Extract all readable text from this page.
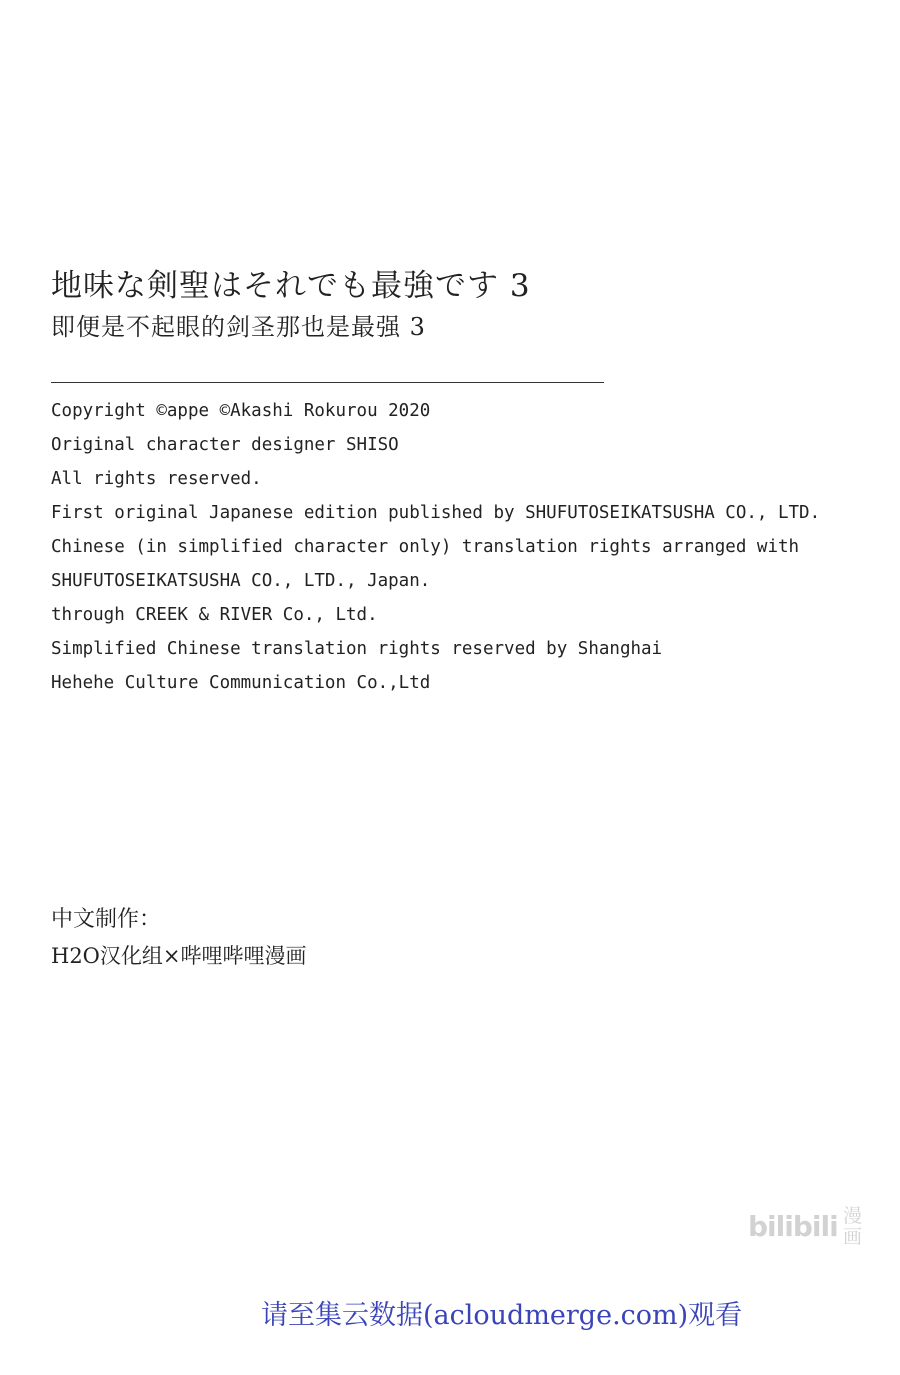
地味な剣聖はそれでも最強です 3
即便是不起眼的剑圣那也是最强 3
Copyright ©appe ©Akashi Rokurou 2020
Original character designer SHISO
All rights reserved.
First original Japanese edition published by SHUFUTOSEIKATSUSHA CO., LTD.
Chinese (in simplified character only) translation rights arranged with
SHUFUTOSEIKATSUSHA CO., LTD., Japan.
through CREEK & RIVER Co., Ltd.
Simplified Chinese translation rights reserved by Shanghai
Hehehe Culture Communication Co.,Ltd
中文制作：
H2O汉化组×哔哩哔哩漫画
bilibili 漫画
请至集云数据(acloudmerge.com)观看
